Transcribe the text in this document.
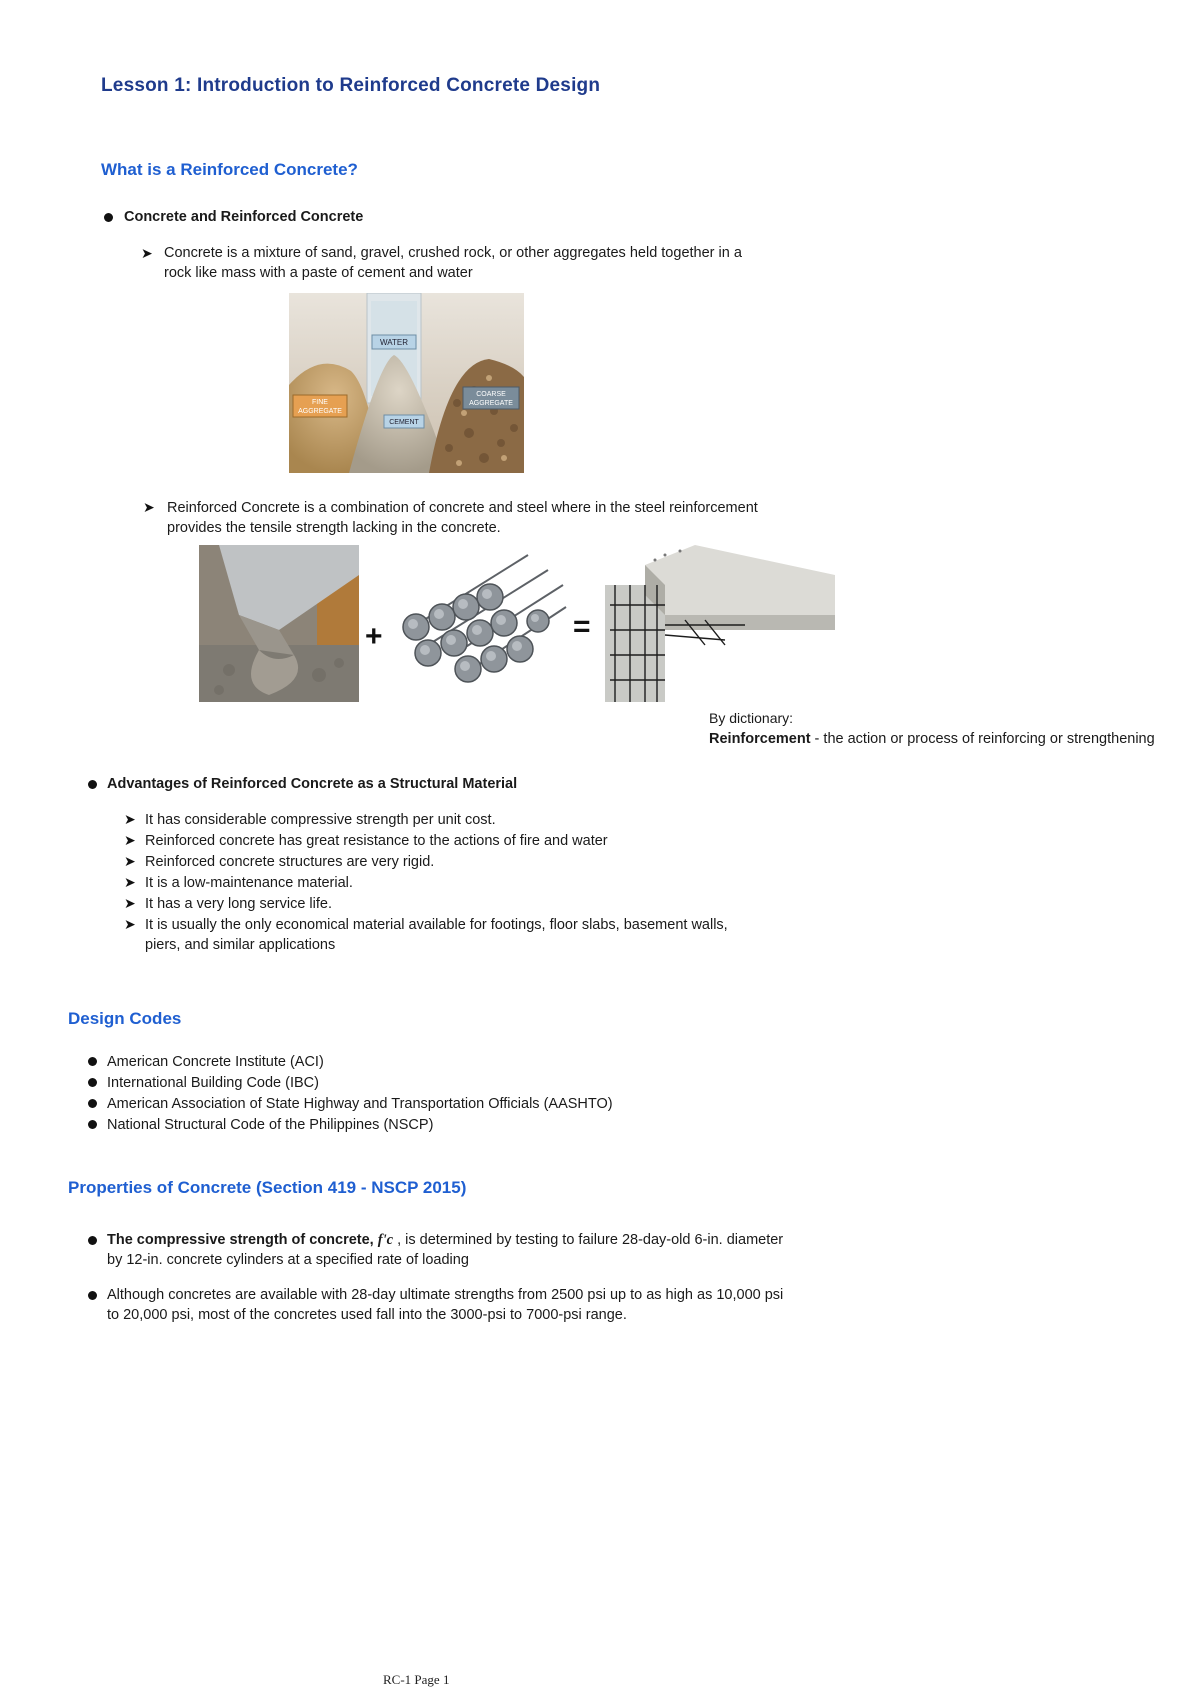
Lesson 1: Introduction to Reinforced Concrete Design
What is a Reinforced Concrete?
Concrete and Reinforced Concrete
➤ Concrete is a mixture of sand, gravel, crushed rock, or other aggregates held together in a
rock like mass with a paste of cement and water
WATER
FINE
AGGREGATE
CEMENT
COARSE
AGGREGATE
➤ Reinforced Concrete is a combination of concrete and steel where in the steel reinforcement
provides the tensile strength lacking in the concrete.
+	=
By dictionary:
Reinforcement - the action or process of reinforcing or strengthening
Advantages of Reinforced Concrete as a Structural Material
➤ It has considerable compressive strength per unit cost.
➤ Reinforced concrete has great resistance to the actions of fire and water
➤ Reinforced concrete structures are very rigid.
➤ It is a low-maintenance material.
➤ It has a very long service life.
➤ It is usually the only economical material available for footings, floor slabs, basement walls,
piers, and similar applications
Design Codes
American Concrete Institute (ACI)
International Building Code (IBC)
American Association of State Highway and Transportation Officials (AASHTO)
National Structural Code of the Philippines (NSCP)
Properties of Concrete (Section 419 - NSCP 2015)
The compressive strength of concrete, f'c , is determined by testing to failure 28-day-old 6-in. diameter
by 12-in. concrete cylinders at a specified rate of loading
Although concretes are available with 28-day ultimate strengths from 2500 psi up to as high as 10,000 psi
to 20,000 psi, most of the concretes used fall into the 3000-psi to 7000-psi range.
RC-1 Page 1
